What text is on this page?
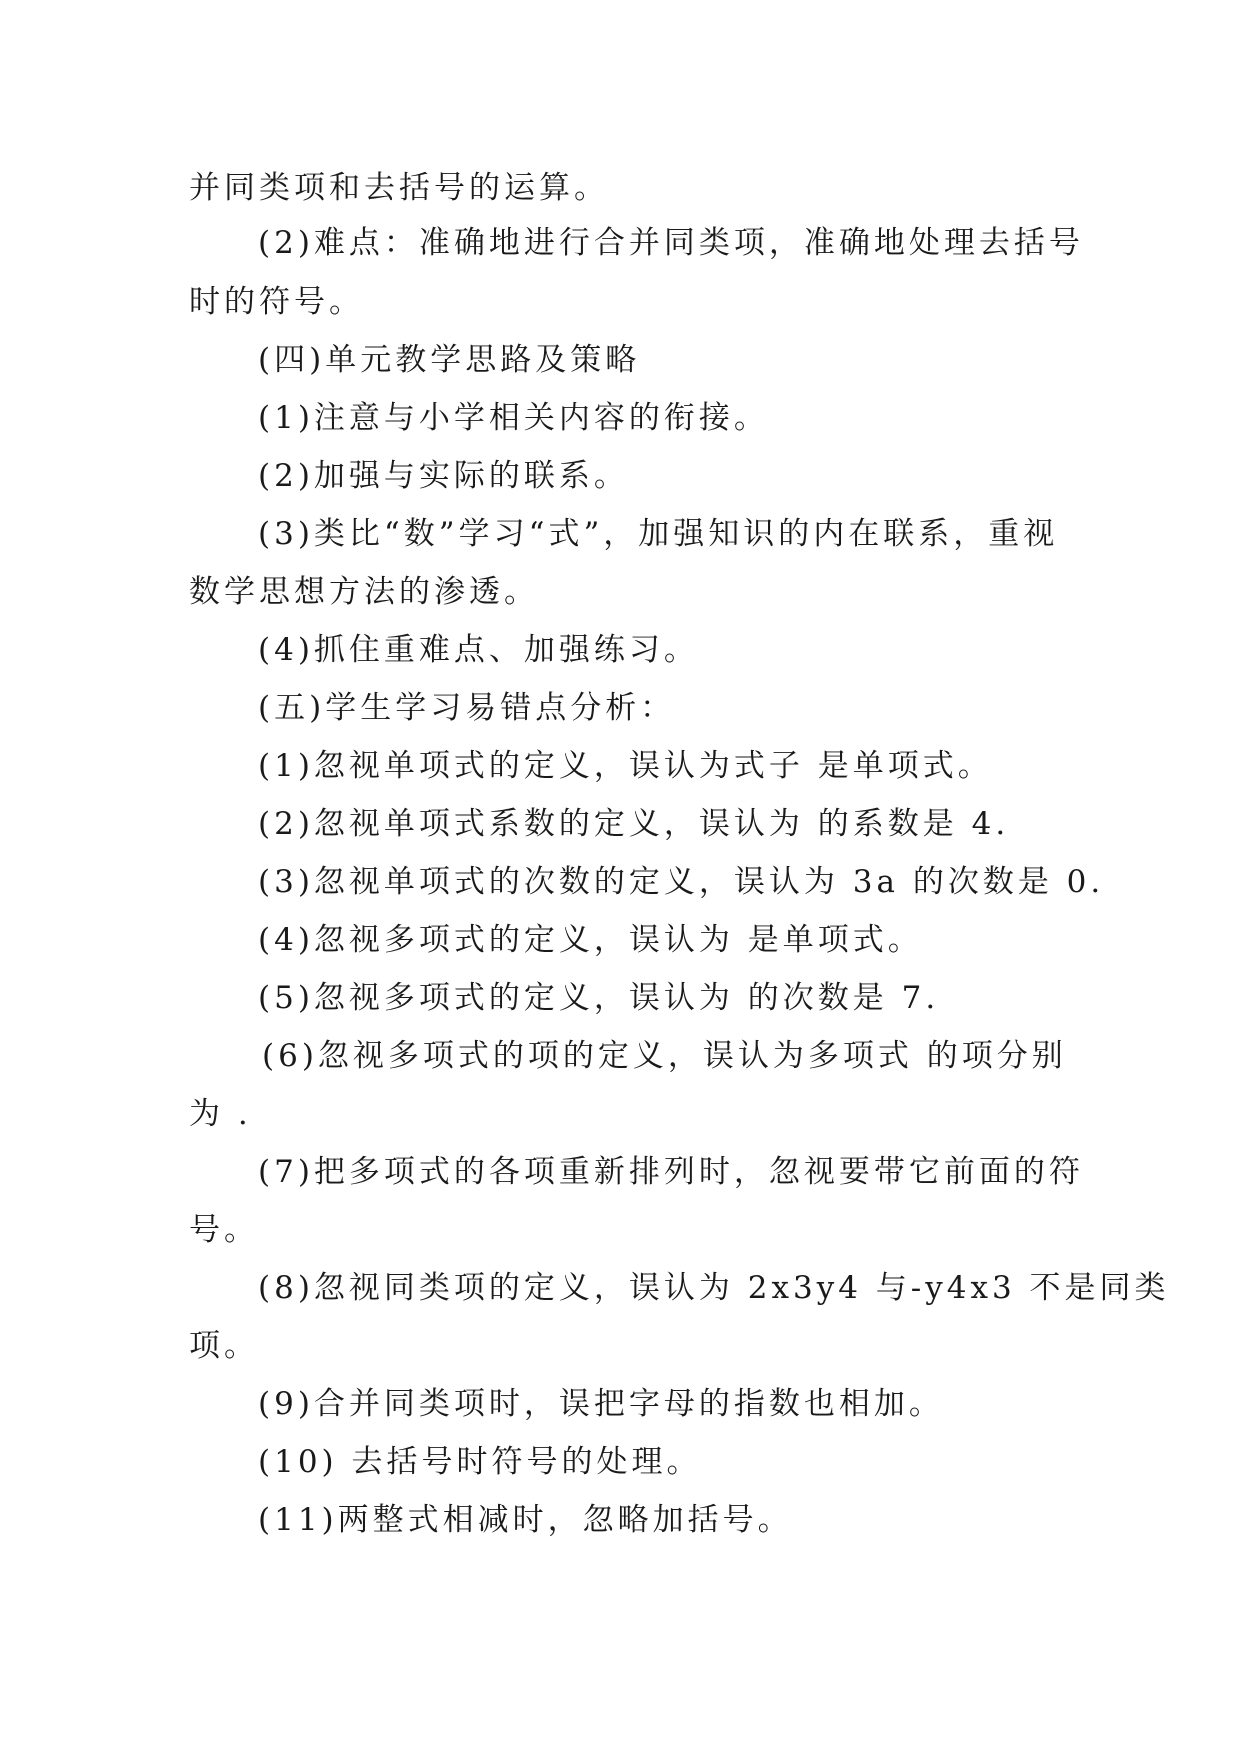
并同类项和去括号的运算。
(2)难点：准确地进行合并同类项，准确地处理去括号
时的符号。
(四)单元教学思路及策略
(1)注意与小学相关内容的衔接。
(2)加强与实际的联系。
(3)类比“数”学习“式”，加强知识的内在联系，重视
数学思想方法的渗透。
(4)抓住重难点、加强练习。
(五)学生学习易错点分析：
(1)忽视单项式的定义，误认为式子 是单项式。
(2)忽视单项式系数的定义，误认为 的系数是 4.
(3)忽视单项式的次数的定义，误认为 3a 的次数是 0.
(4)忽视多项式的定义，误认为 是单项式。
(5)忽视多项式的定义，误认为 的次数是 7.
(6)忽视多项式的项的定义，误认为多项式 的项分别
为 .
(7)把多项式的各项重新排列时，忽视要带它前面的符
号。
(8)忽视同类项的定义，误认为 2x3y4 与-y4x3 不是同类
项。
(9)合并同类项时，误把字母的指数也相加。
(10) 去括号时符号的处理。
(11)两整式相减时，忽略加括号。
